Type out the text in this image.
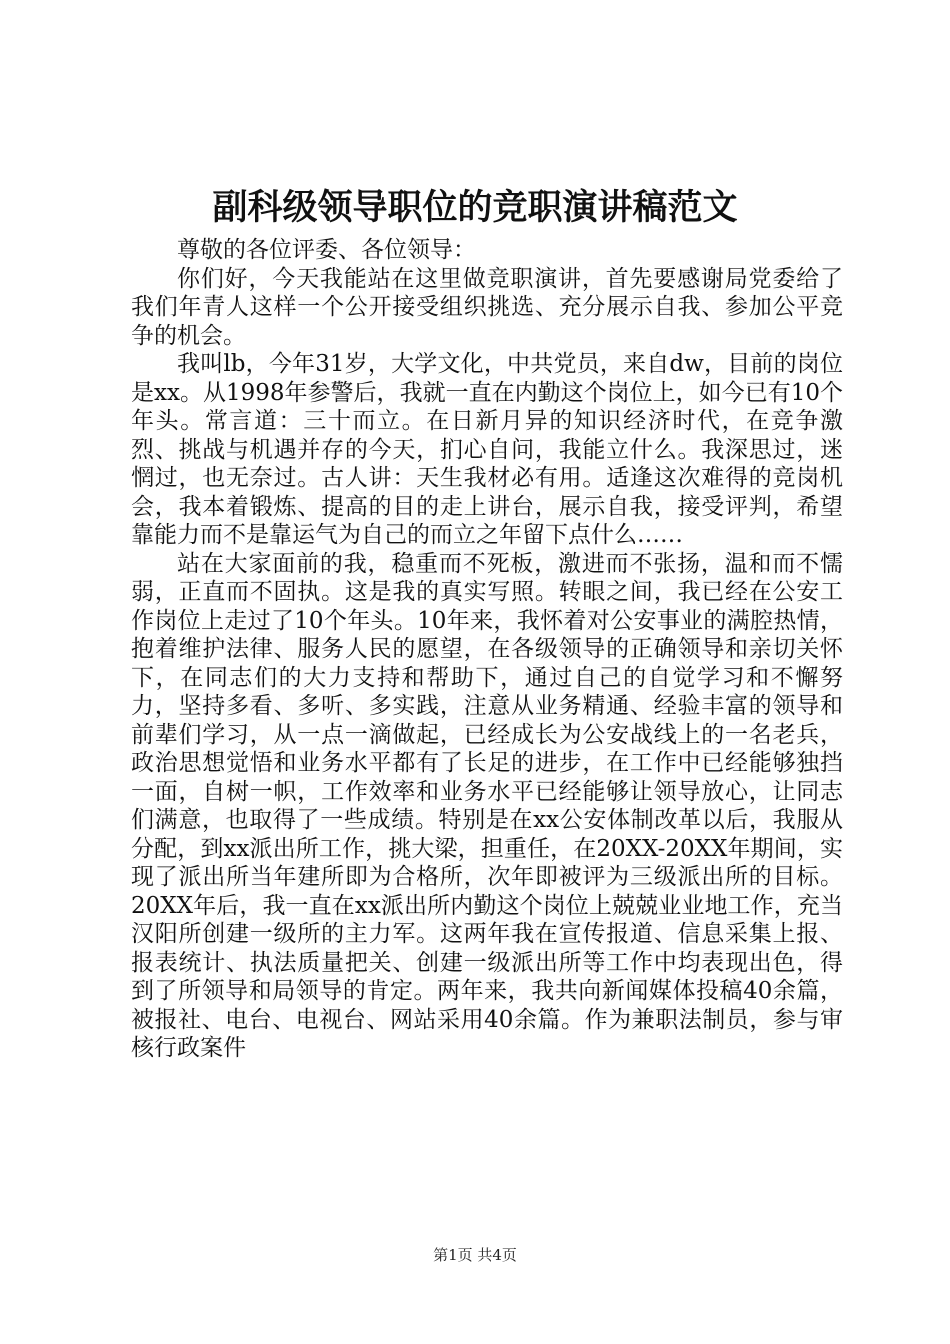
副科级领导职位的竞职演讲稿范文

尊敬的各位评委、各位领导：

你们好，今天我能站在这里做竞职演讲，首先要感谢局党委给了我们年青人这样一个公开接受组织挑选、充分展示自我、参加公平竞争的机会。

我叫lb，今年31岁，大学文化，中共党员，来自dw，目前的岗位是xx。从1998年参警后，我就一直在内勤这个岗位上，如今已有10个年头。常言道：三十而立。在日新月异的知识经济时代，在竞争激烈、挑战与机遇并存的今天，扪心自问，我能立什么。我深思过，迷惘过，也无奈过。古人讲：天生我材必有用。适逢这次难得的竞岗机会，我本着锻炼、提高的目的走上讲台，展示自我，接受评判，希望靠能力而不是靠运气为自己的而立之年留下点什么……

站在大家面前的我，稳重而不死板，激进而不张扬，温和而不懦弱，正直而不固执。这是我的真实写照。转眼之间，我已经在公安工作岗位上走过了10个年头。10年来，我怀着对公安事业的满腔热情，抱着维护法律、服务人民的愿望，在各级领导的正确领导和亲切关怀下，在同志们的大力支持和帮助下，通过自己的自觉学习和不懈努力，坚持多看、多听、多实践，注意从业务精通、经验丰富的领导和前辈们学习，从一点一滴做起，已经成长为公安战线上的一名老兵，政治思想觉悟和业务水平都有了长足的进步，在工作中已经能够独挡一面，自树一帜，工作效率和业务水平已经能够让领导放心，让同志们满意，也取得了一些成绩。特别是在xx公安体制改革以后，我服从分配，到xx派出所工作，挑大梁，担重任，在20XX-20XX年期间，实现了派出所当年建所即为合格所，次年即被评为三级派出所的目标。20XX年后，我一直在xx派出所内勤这个岗位上兢兢业业地工作，充当汉阳所创建一级所的主力军。这两年我在宣传报道、信息采集上报、报表统计、执法质量把关、创建一级派出所等工作中均表现出色，得到了所领导和局领导的肯定。两年来，我共向新闻媒体投稿40余篇，被报社、电台、电视台、网站采用40余篇。作为兼职法制员，参与审核行政案件

第1页 共4页
